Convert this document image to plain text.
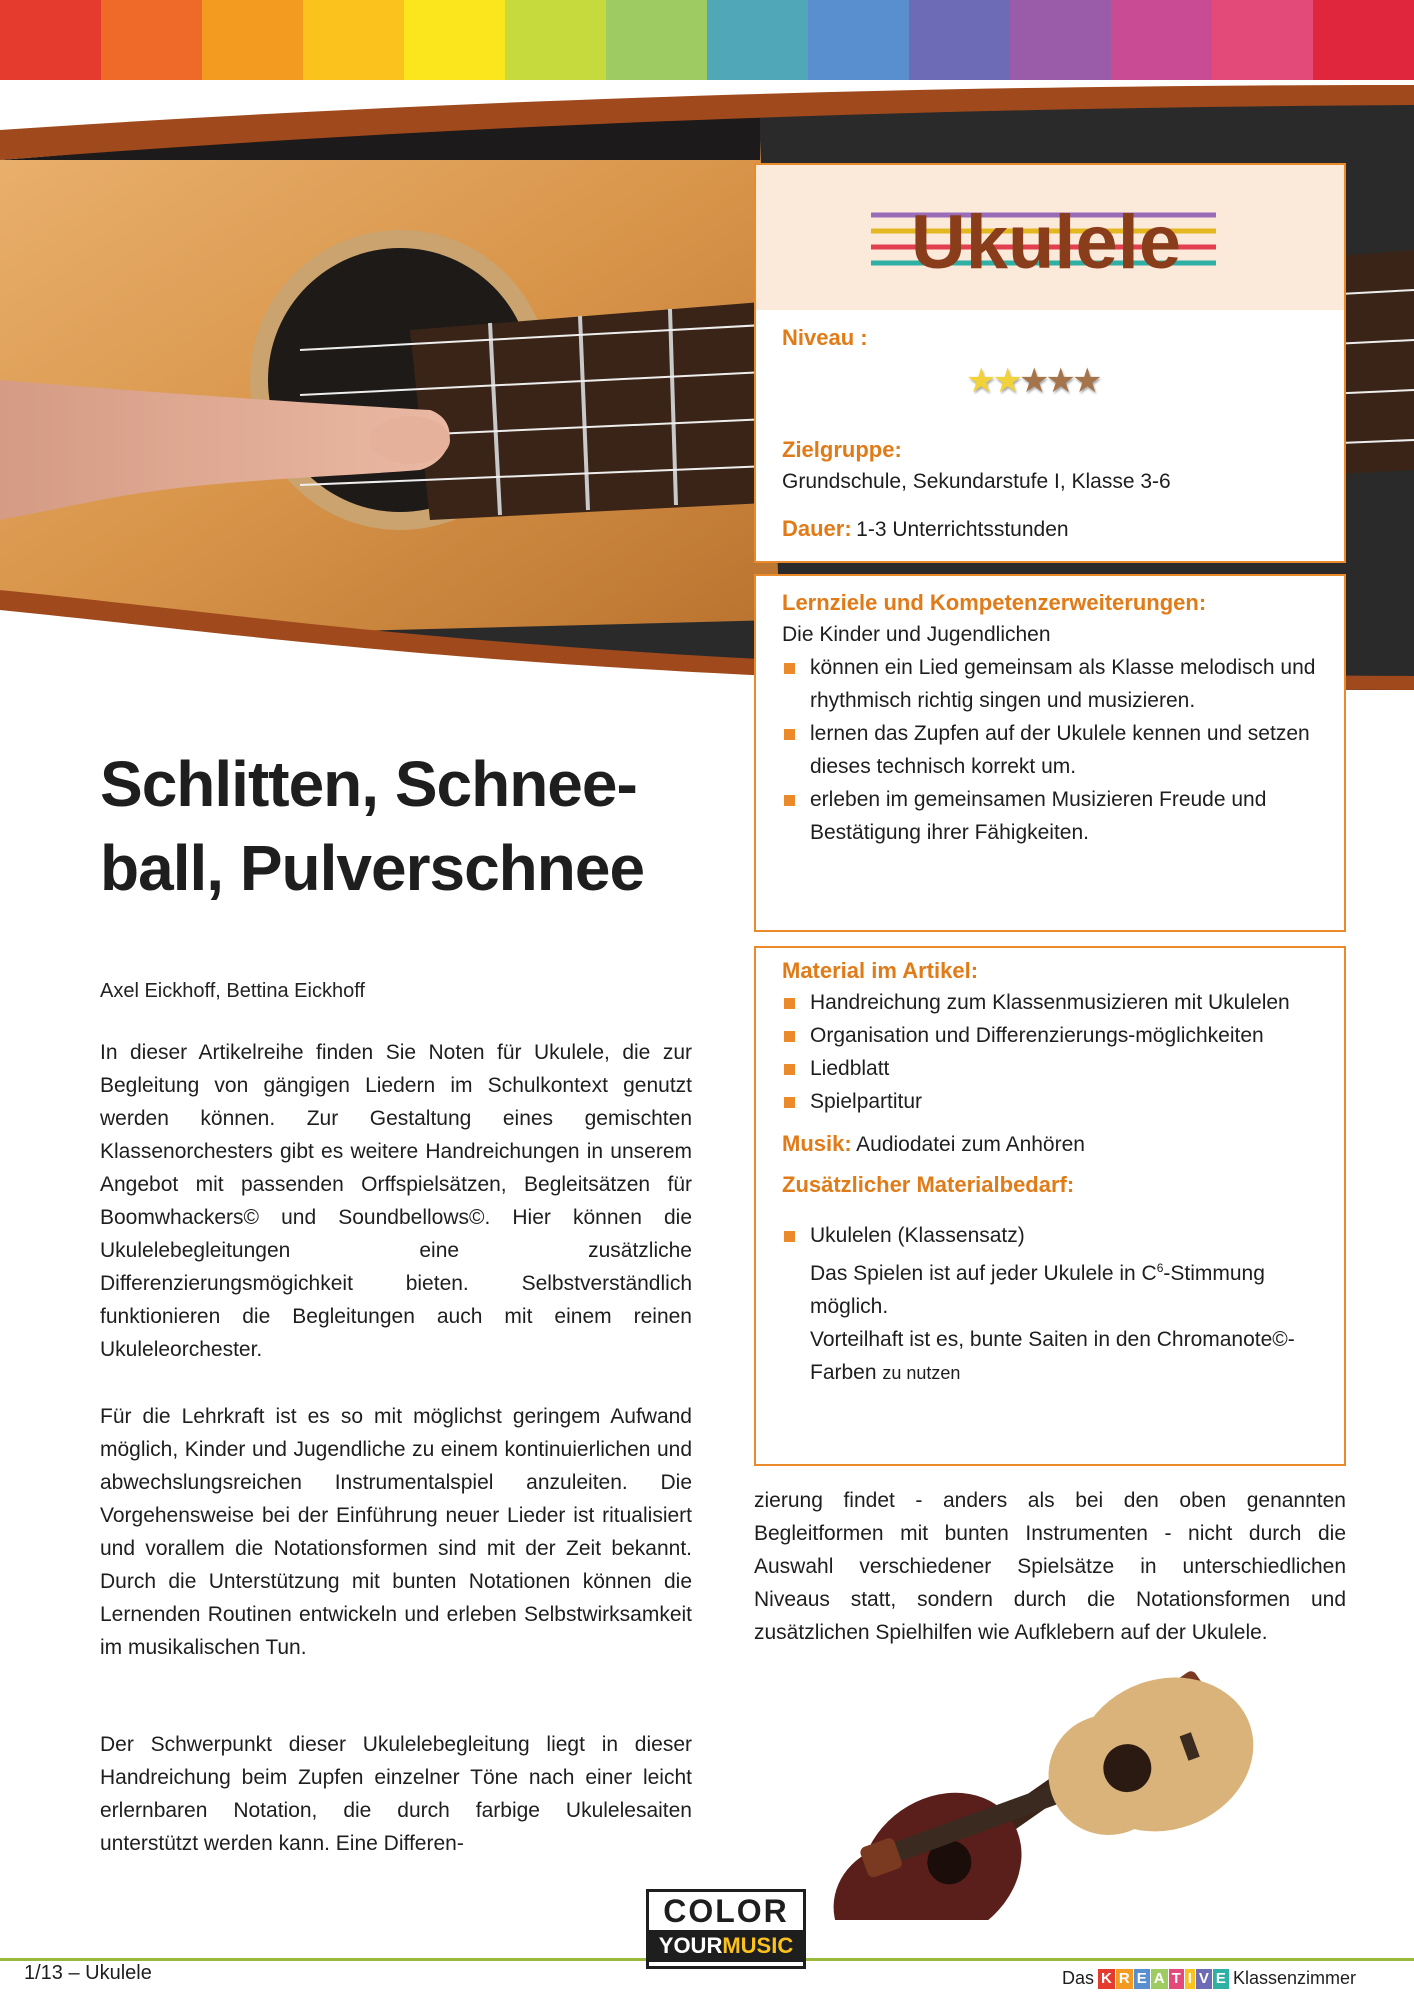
Ukulele
Niveau :
★★★★★
Zielgruppe:
Grundschule, Sekundarstufe I, Klasse 3-6
Dauer: 1-3 Unterrichtsstunden
Lernziele und Kompetenzerweiterungen:
Die Kinder und Jugendlichen
können ein Lied gemeinsam als Klasse melodisch und rhythmisch richtig singen und musizieren.
lernen das Zupfen auf der Ukulele kennen und setzen dieses technisch korrekt um.
erleben im gemeinsamen Musizieren Freude und Bestätigung ihrer Fähigkeiten.
Material im Artikel:
Handreichung zum Klassenmusizieren mit Ukulelen
Organisation und Differenzierungs-möglichkeiten
Liedblatt
Spielpartitur
Musik: Audiodatei zum Anhören
Zusätzlicher Materialbedarf:
Ukulelen (Klassensatz)
Das Spielen ist auf jeder Ukulele in $C^6$-Stimmung möglich.
Vorteilhaft ist es, bunte Saiten in den Chromanote©-Farben zu nutzen
Schlitten, Schnee-
ball, Pulverschnee
Axel Eickhoff, Bettina Eickhoff
In dieser Artikelreihe finden Sie Noten für Ukulele, die zur Begleitung von gängigen Liedern im Schulkontext genutzt werden können. Zur Gestaltung eines gemischten Klassenorchesters gibt es weitere Handreichungen in unserem Angebot mit passenden Orffspielsätzen, Begleitsätzen für Boomwhackers© und Soundbellows©. Hier können die Ukulelebegleitungen eine zusätzliche Differenzierungsmögichkeit bieten. Selbstverständlich funktionieren die Begleitungen auch mit einem reinen Ukuleleorchester.
Für die Lehrkraft ist es so mit möglichst geringem Aufwand möglich, Kinder und Jugendliche zu einem kontinuierlichen und abwechslungsreichen Instrumentalspiel anzuleiten. Die Vorgehensweise bei der Einführung neuer Lieder ist ritualisiert und vorallem die Notationsformen sind mit der Zeit bekannt. Durch die Unterstützung mit bunten Notationen können die Lernenden Routinen entwickeln und erleben Selbstwirksamkeit im musikalischen Tun.
Der Schwerpunkt dieser Ukulelebegleitung liegt in dieser Handreichung beim Zupfen einzelner Töne nach einer leicht erlernbaren Notation, die durch farbige Ukulelesaiten unterstützt werden kann. Eine Differen-
zierung findet - anders als bei den oben genannten Begleitformen mit bunten Instrumenten - nicht durch die Auswahl verschiedener Spielsätze in unterschiedlichen Niveaus statt, sondern durch die Notationsformen und zusätzlichen Spielhilfen wie Aufklebern auf der Ukulele.
1/13 – Ukulele
COLOR
YOURMUSIC
Das K R E A T I V E Klassenzimmer
